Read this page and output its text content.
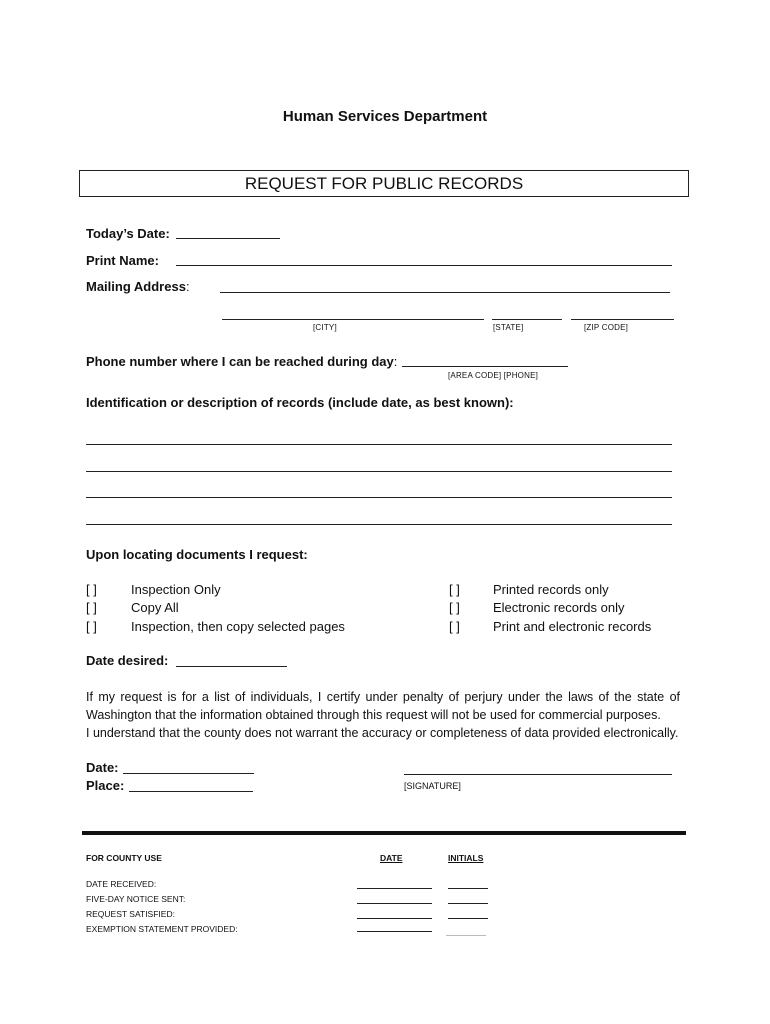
Human Services Department
REQUEST FOR PUBLIC RECORDS
Today’s Date:
Print Name:
Mailing Address:
[CITY]	[STATE]	[ZIP CODE]
Phone number where I can be reached during day:
[AREA CODE] [PHONE]
Identification or description of records (include date, as best known):
Upon locating documents I request:
[ ]	Inspection Only
[ ]	Copy All
[ ]	Inspection, then copy selected pages
[ ]	Printed records only
[ ]	Electronic records only
[ ]	Print and electronic records
Date desired:
If my request is for a list of individuals, I certify under penalty of perjury under the laws of the state of
Washington that the information obtained through this request will not be used for commercial purposes.
I understand that the county does not warrant the accuracy or completeness of data provided electronically.
Date:
Place:	[SIGNATURE]
FOR COUNTY USE	DATE	INITIALS
DATE RECEIVED:
FIVE-DAY NOTICE SENT:
REQUEST SATISFIED:
EXEMPTION STATEMENT PROVIDED:
